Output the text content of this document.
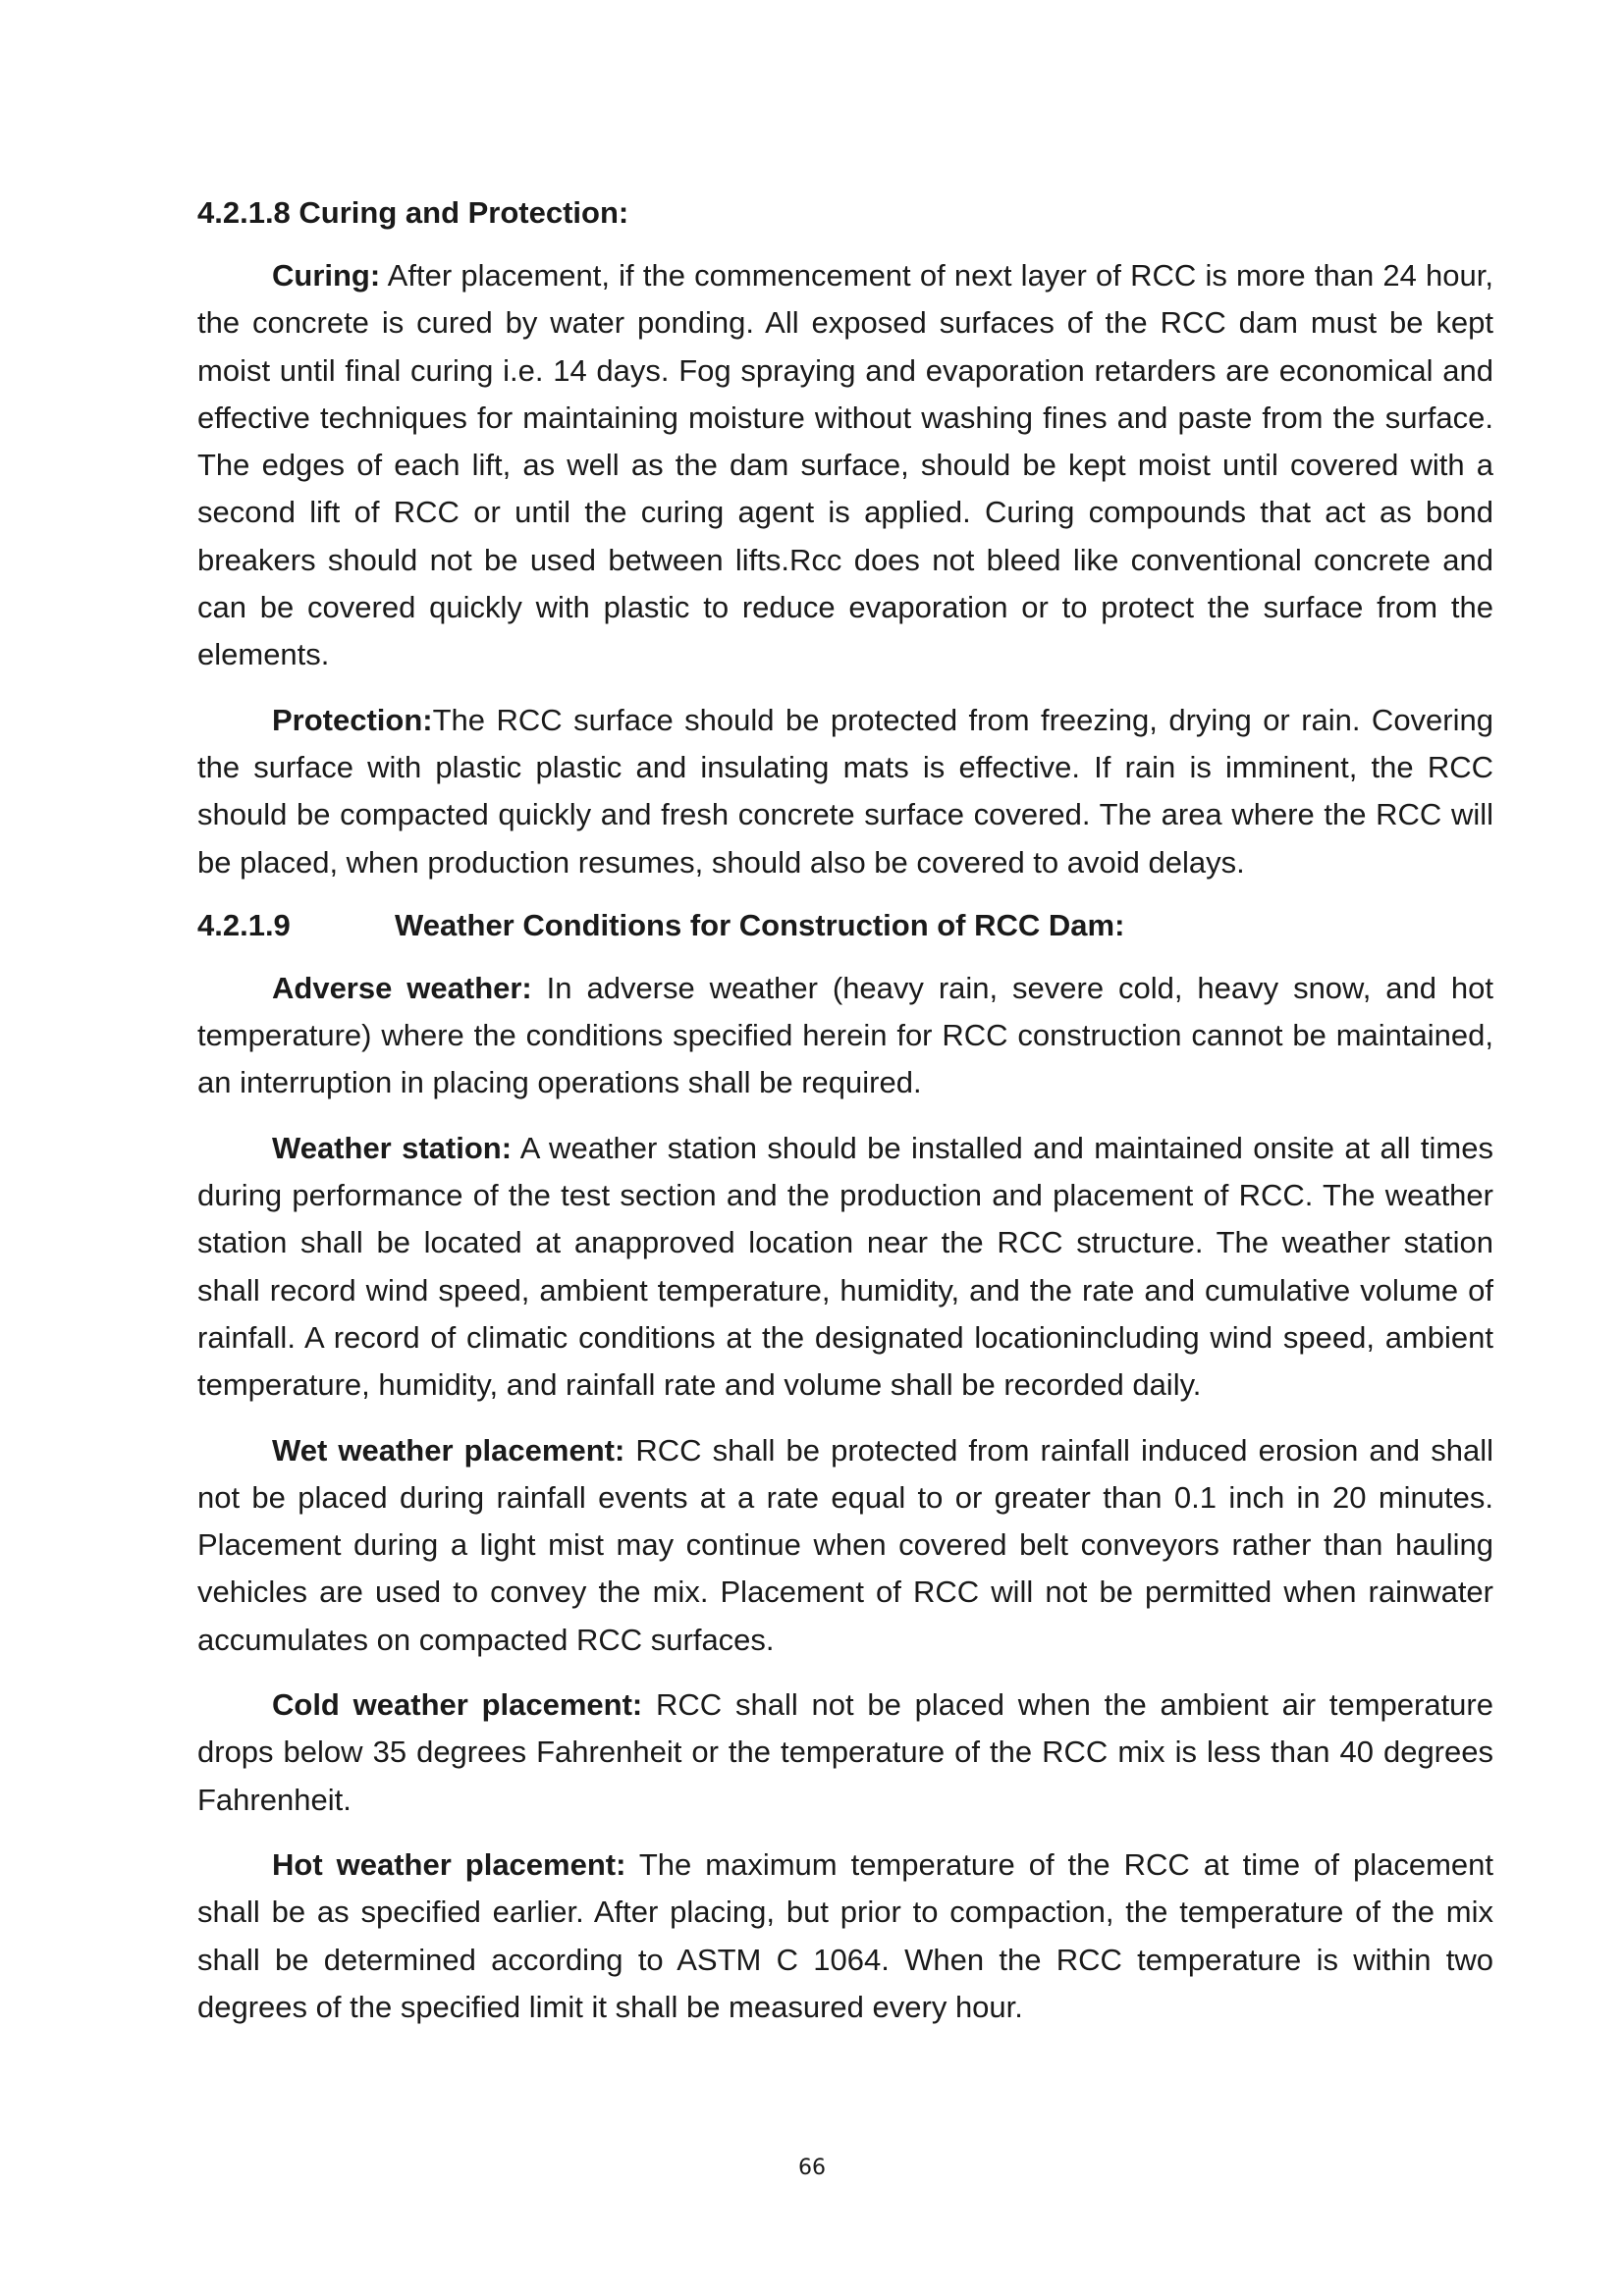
4.2.1.8 Curing and Protection:

Curing: After placement, if the commencement of next layer of RCC is more than 24 hour, the concrete is cured by water ponding. All exposed surfaces of the RCC dam must be kept moist until final curing i.e. 14 days. Fog spraying and evaporation retarders are economical and effective techniques for maintaining moisture without washing fines and paste from the surface. The edges of each lift, as well as the dam surface, should be kept moist until covered with a second lift of RCC or until the curing agent is applied. Curing compounds that act as bond breakers should not be used between lifts.Rcc does not bleed like conventional concrete and can be covered quickly with plastic to reduce evaporation or to protect the surface from the elements.

Protection:The RCC surface should be protected from freezing, drying or rain. Covering the surface with plastic plastic and insulating mats is effective. If rain is imminent, the RCC should be compacted quickly and fresh concrete surface covered. The area where the RCC will be placed, when production resumes, should also be covered to avoid delays.

4.2.1.9	Weather Conditions for Construction of RCC Dam:

Adverse weather: In adverse weather (heavy rain, severe cold, heavy snow, and hot temperature) where the conditions specified herein for RCC construction cannot be maintained, an interruption in placing operations shall be required.

Weather station: A weather station should be installed and maintained onsite at all times during performance of the test section and the production and placement of RCC. The weather station shall be located at anapproved location near the RCC structure. The weather station shall record wind speed, ambient temperature, humidity, and the rate and cumulative volume of rainfall. A record of climatic conditions at the designated locationincluding wind speed, ambient temperature, humidity, and rainfall rate and volume shall be recorded daily.

Wet weather placement: RCC shall be protected from rainfall induced erosion and shall not be placed during rainfall events at a rate equal to or greater than 0.1 inch in 20 minutes. Placement during a light mist may continue when covered belt conveyors rather than hauling vehicles are used to convey the mix. Placement of RCC will not be permitted when rainwater accumulates on compacted RCC surfaces.

Cold weather placement: RCC shall not be placed when the ambient air temperature drops below 35 degrees Fahrenheit or the temperature of the RCC mix is less than 40 degrees Fahrenheit.

Hot weather placement: The maximum temperature of the RCC at time of placement shall be as specified earlier. After placing, but prior to compaction, the temperature of the mix shall be determined according to ASTM C 1064. When the RCC temperature is within two degrees of the specified limit it shall be measured every hour.

66
